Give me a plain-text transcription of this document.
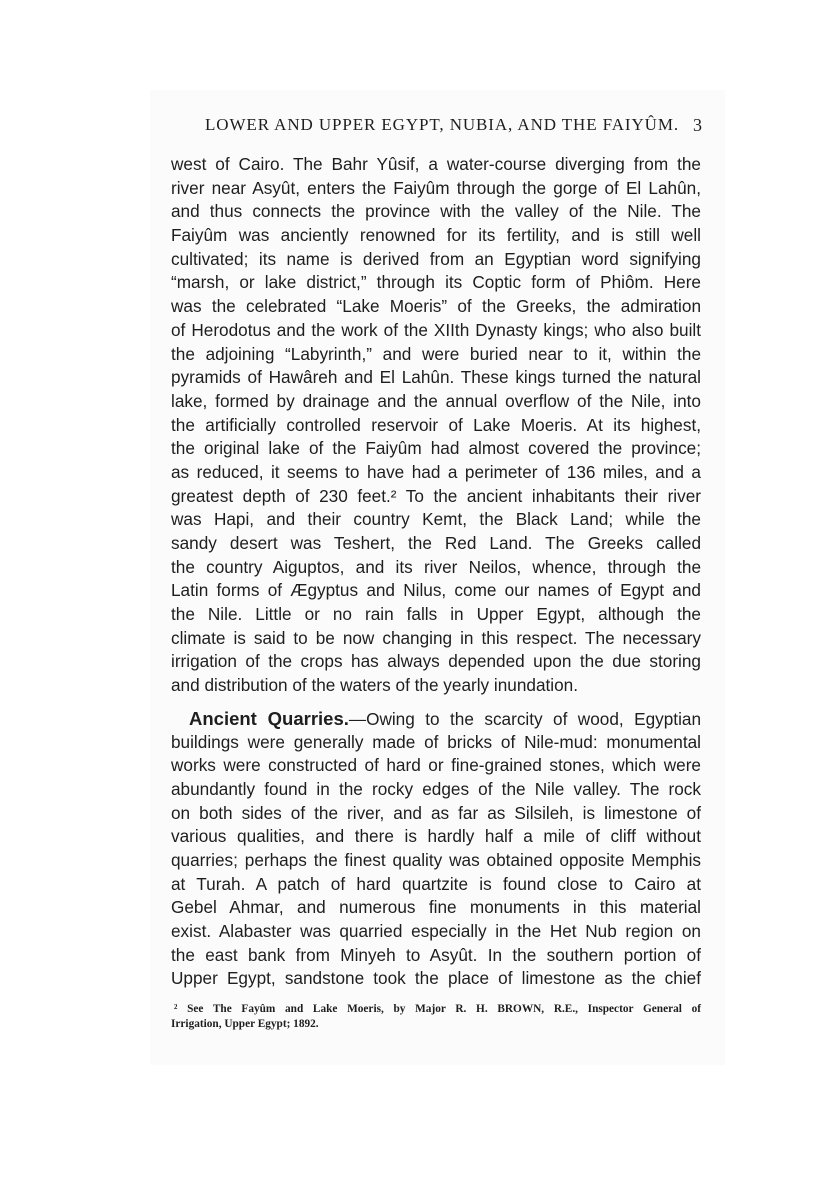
LOWER AND UPPER EGYPT, NUBIA, AND THE FAIYÛM. 3
west of Cairo. The Bahr Yûsif, a water-course diverging from the
river near Asyût, enters the Faiyûm through the gorge of El Lahûn,
and thus connects the province with the valley of the Nile. The
Faiyûm was anciently renowned for its fertility, and is still well
cultivated; its name is derived from an Egyptian word signifying
“marsh, or lake district,” through its Coptic form of Phiôm. Here
was the celebrated “Lake Moeris” of the Greeks, the admiration
of Herodotus and the work of the XIIth Dynasty kings; who also built
the adjoining “Labyrinth,” and were buried near to it, within the
pyramids of Hawâreh and El Lahûn. These kings turned the natural
lake, formed by drainage and the annual overflow of the Nile, into
the artificially controlled reservoir of Lake Moeris. At its highest,
the original lake of the Faiyûm had almost covered the province;
as reduced, it seems to have had a perimeter of 136 miles, and a
greatest depth of 230 feet.² To the ancient inhabitants their river
was Hapi, and their country Kemt, the Black Land; while the
sandy desert was Teshert, the Red Land. The Greeks called
the country Aiguptos, and its river Neilos, whence, through the
Latin forms of Ægyptus and Nilus, come our names of Egypt and
the Nile. Little or no rain falls in Upper Egypt, although the
climate is said to be now changing in this respect. The necessary
irrigation of the crops has always depended upon the due storing
and distribution of the waters of the yearly inundation.
Ancient Quarries.—Owing to the scarcity of wood, Egyptian
buildings were generally made of bricks of Nile-mud: monumental
works were constructed of hard or fine-grained stones, which were
abundantly found in the rocky edges of the Nile valley. The rock
on both sides of the river, and as far as Silsileh, is limestone of
various qualities, and there is hardly half a mile of cliff without
quarries; perhaps the finest quality was obtained opposite Memphis
at Turah. A patch of hard quartzite is found close to Cairo at
Gebel Ahmar, and numerous fine monuments in this material
exist. Alabaster was quarried especially in the Het Nub region on
the east bank from Minyeh to Asyût. In the southern portion of
Upper Egypt, sandstone took the place of limestone as the chief
² See The Fayûm and Lake Moeris, by Major R. H. BROWN, R.E., Inspector General of
Irrigation, Upper Egypt; 1892.
